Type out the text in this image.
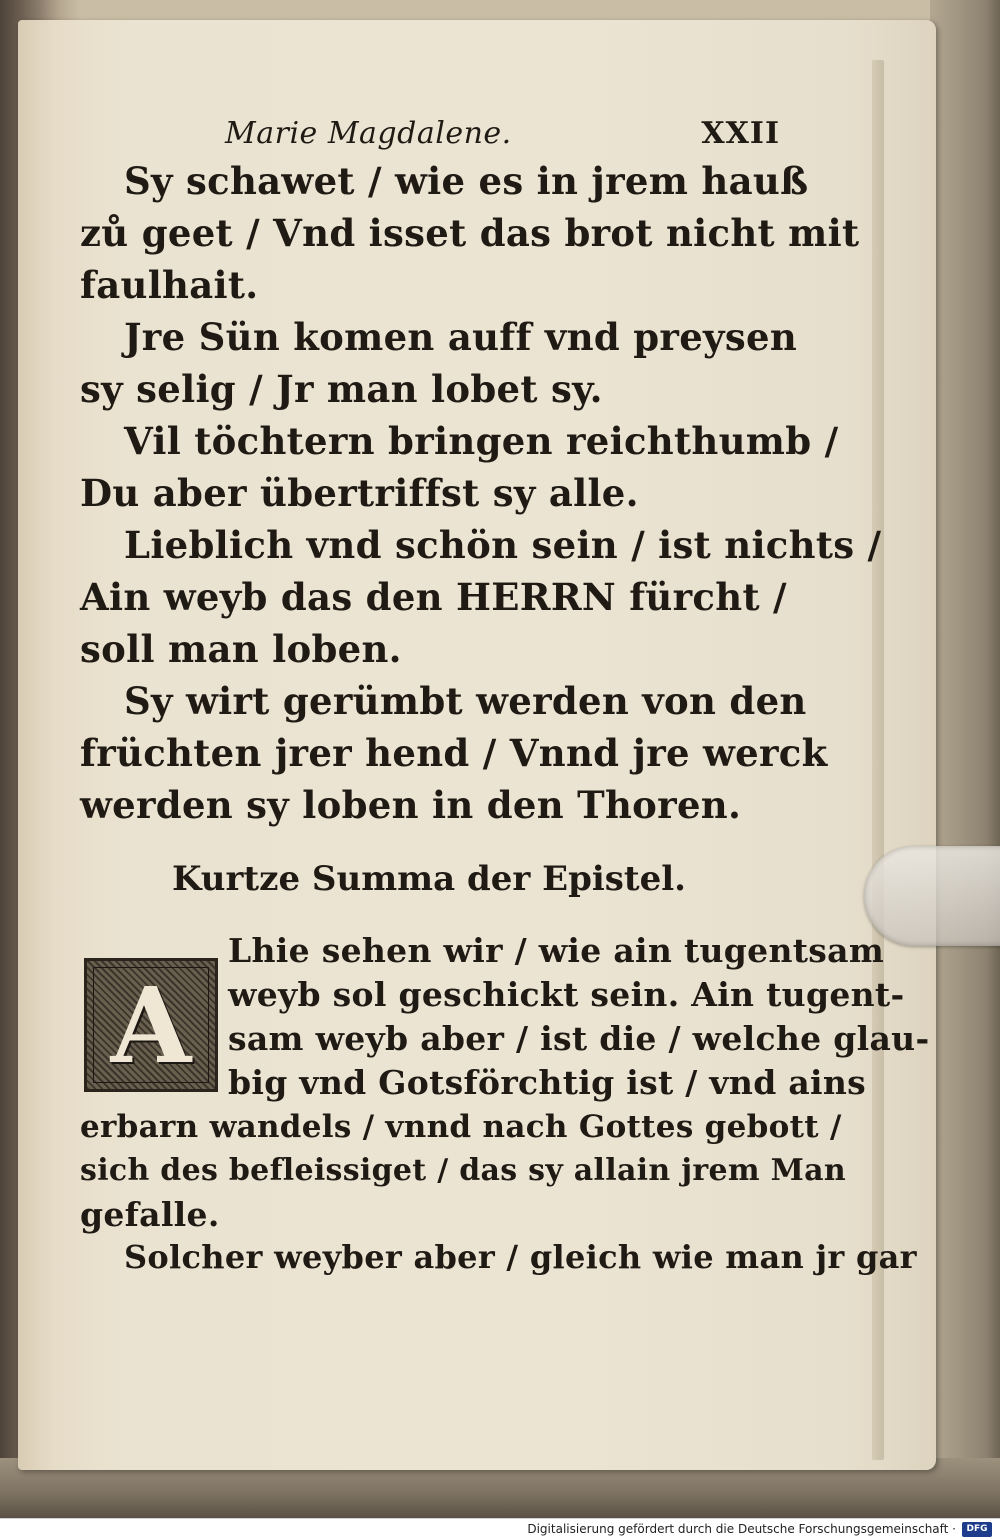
Marie Magdalene.	XXII
Sy schawet / wie es in jrem hauß
zů geet / Vnd isset das brot nicht mit
faulhait.
Jre Sün komen auff vnd preysen
sy selig / Jr man lobet sy.
Vil töchtern bringen reichthumb /
Du aber übertriffst sy alle.
Lieblich vnd schön sein / ist nichts /
Ain weyb das den HERRN fürcht /
soll man loben.
Sy wirt gerümbt werden von den
früchten jrer hend / Vnnd jre werck
werden sy loben in den Thoren.
Kurtze Summa der Epistel.
A
Lhie sehen wir / wie ain tugentsam
weyb sol geschickt sein. Ain tugent-
sam weyb aber / ist die / welche glau-
big vnd Gotsförchtig ist / vnd ains
erbarn wandels / vnnd nach Gottes gebott /
sich des befleissiget / das sy allain jrem Man
gefalle.
Solcher weyber aber / gleich wie man jr gar
Digitalisierung gefördert durch die Deutsche Forschungsgemeinschaft ·	DFG
